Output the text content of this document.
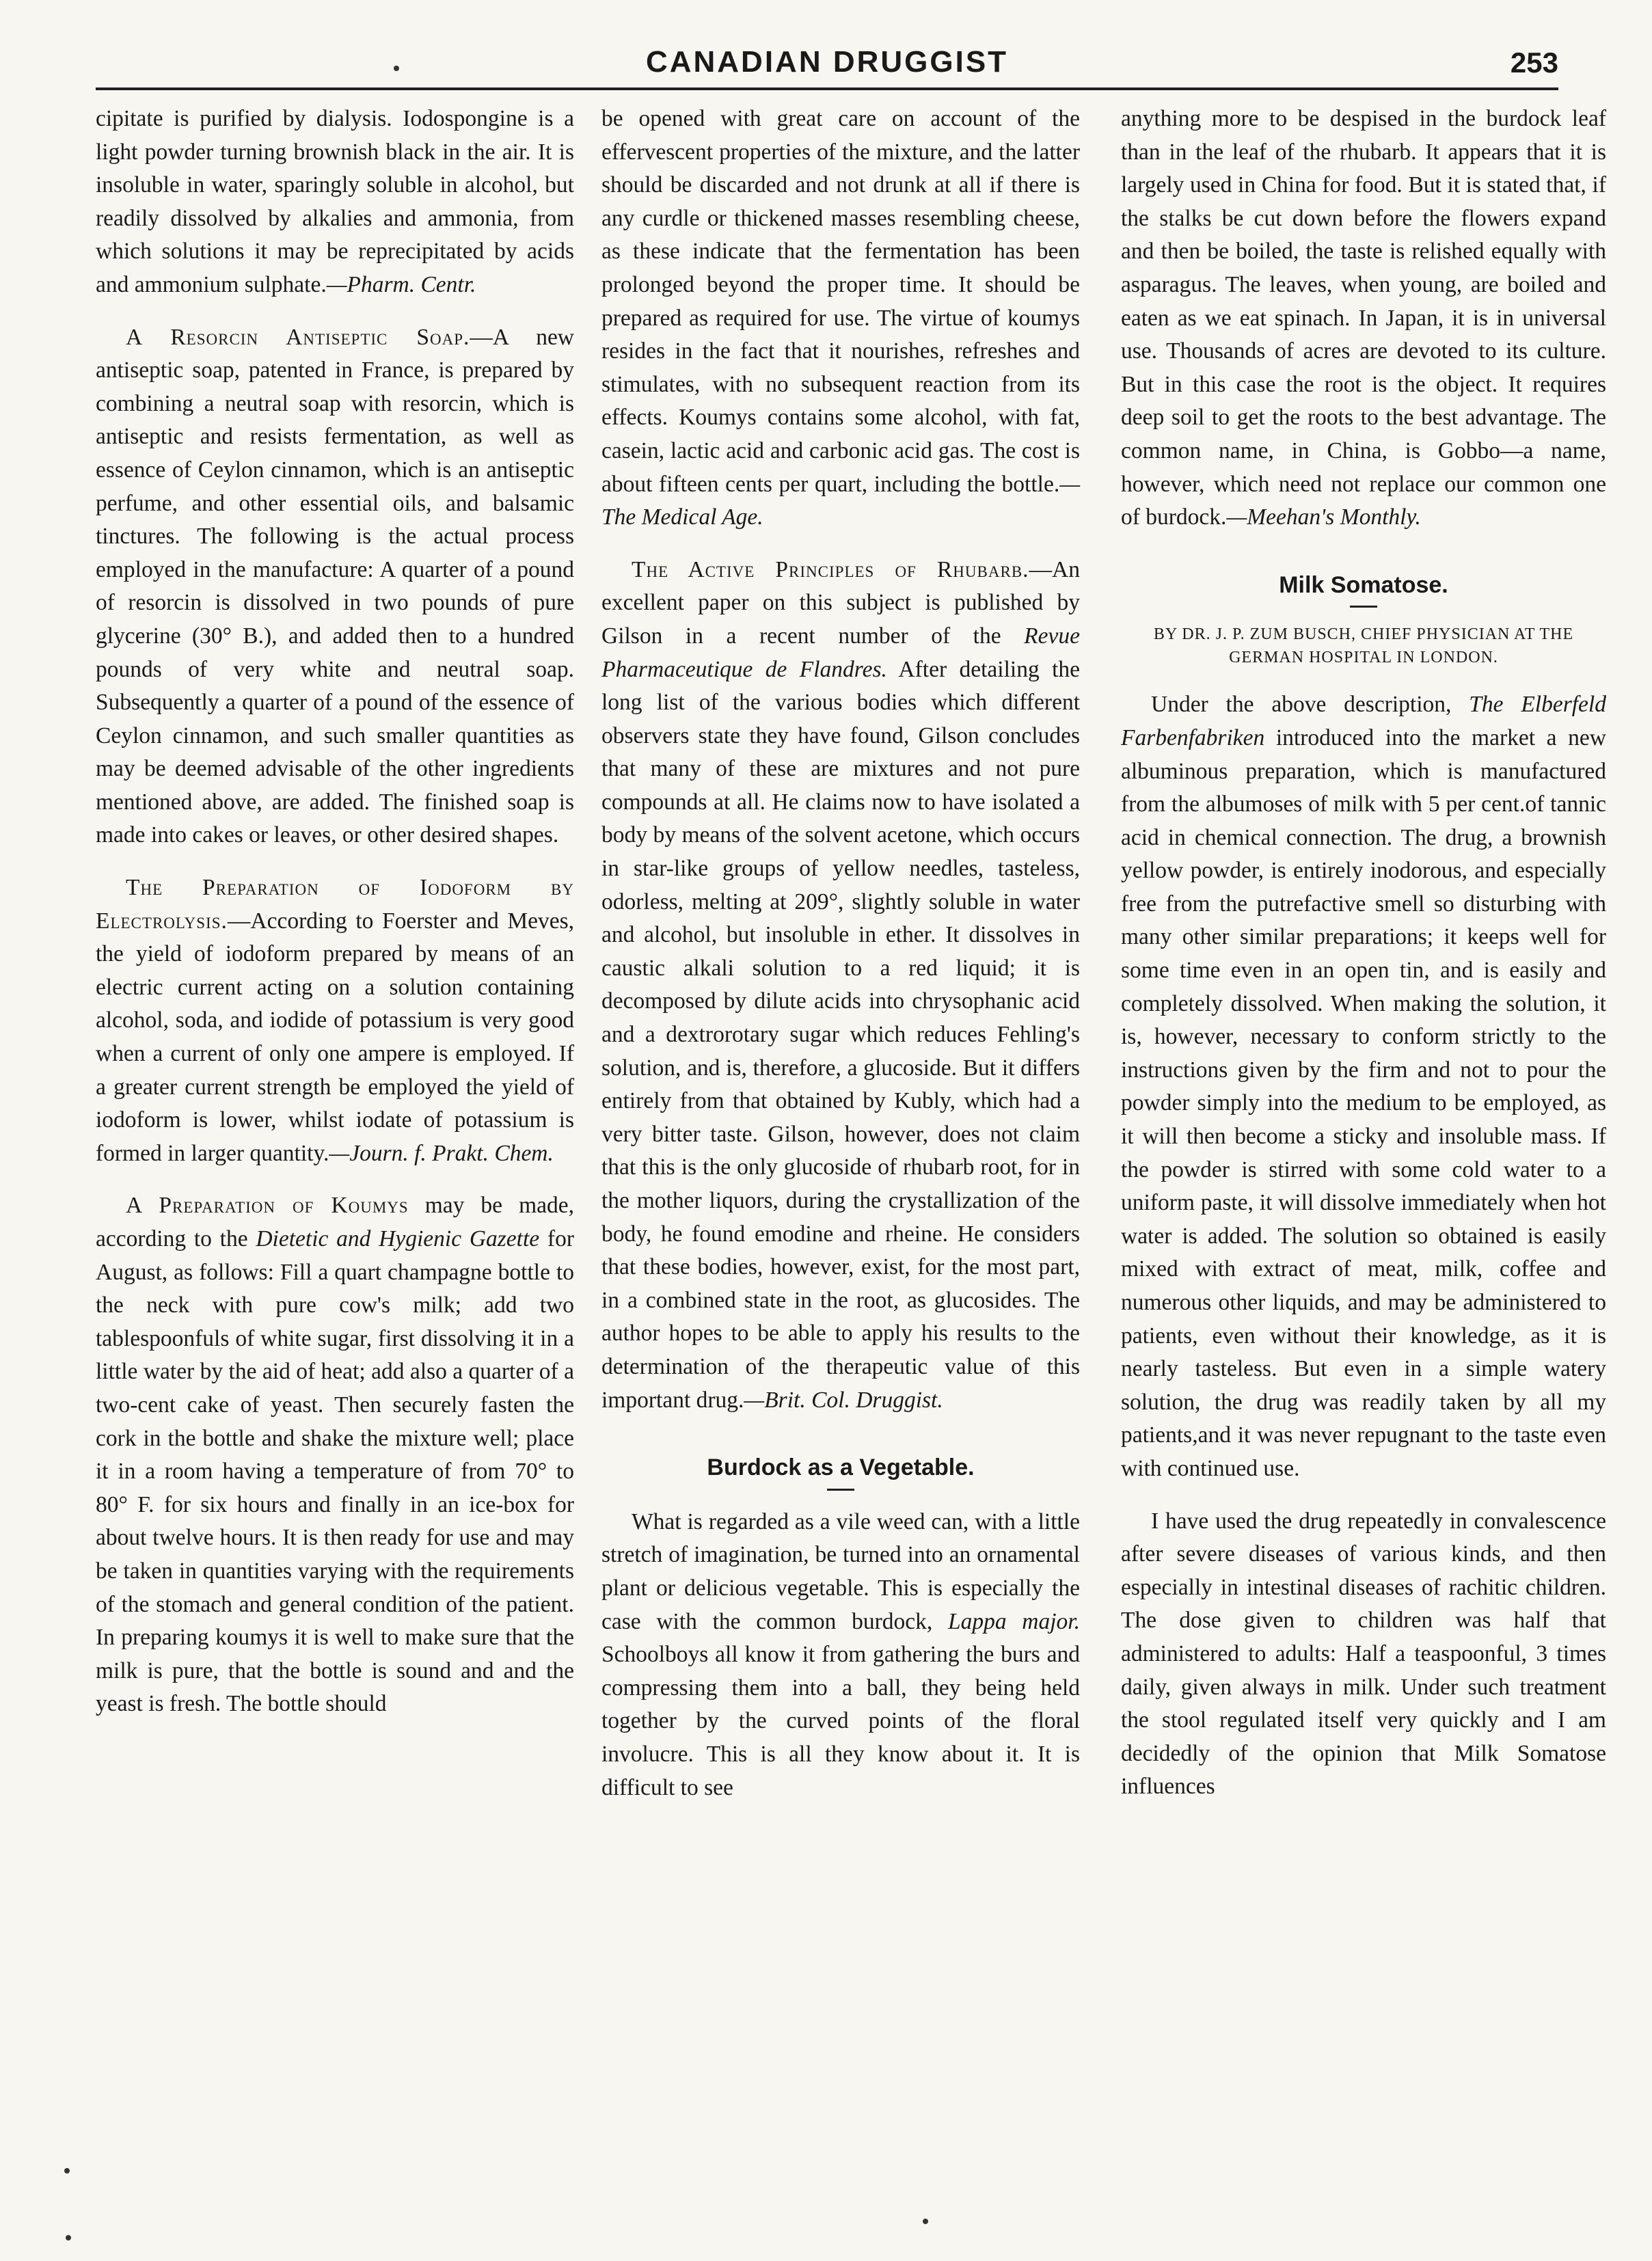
CANADIAN DRUGGIST	253

cipitate is purified by dialysis. Iodospongine is a light powder turning brownish black in the air. It is insoluble in water, sparingly soluble in alcohol, but readily dissolved by alkalies and ammonia, from which solutions it may be reprecipitated by acids and ammonium sulphate.—Pharm. Centr.

A Resorcin Antiseptic Soap.—A new antiseptic soap, patented in France, is prepared by combining a neutral soap with resorcin, which is antiseptic and resists fermentation, as well as essence of Ceylon cinnamon, which is an antiseptic perfume, and other essential oils, and balsamic tinctures. The following is the actual process employed in the manufacture: A quarter of a pound of resorcin is dissolved in two pounds of pure glycerine (30° B.), and added then to a hundred pounds of very white and neutral soap. Subsequently a quarter of a pound of the essence of Ceylon cinnamon, and such smaller quantities as may be deemed advisable of the other ingredients mentioned above, are added. The finished soap is made into cakes or leaves, or other desired shapes.

The Preparation of Iodoform by Electrolysis.—According to Foerster and Meves, the yield of iodoform prepared by means of an electric current acting on a solution containing alcohol, soda, and iodide of potassium is very good when a current of only one ampere is employed. If a greater current strength be employed the yield of iodoform is lower, whilst iodate of potassium is formed in larger quantity.—Journ. f. Prakt. Chem.

A Preparation of Koumys may be made, according to the Dietetic and Hygienic Gazette for August, as follows: Fill a quart champagne bottle to the neck with pure cow's milk; add two tablespoonfuls of white sugar, first dissolving it in a little water by the aid of heat; add also a quarter of a two-cent cake of yeast. Then securely fasten the cork in the bottle and shake the mixture well; place it in a room having a temperature of from 70° to 80° F. for six hours and finally in an ice-box for about twelve hours. It is then ready for use and may be taken in quantities varying with the requirements of the stomach and general condition of the patient. In preparing koumys it is well to make sure that the milk is pure, that the bottle is sound and and the yeast is fresh. The bottle should

be opened with great care on account of the effervescent properties of the mixture, and the latter should be discarded and not drunk at all if there is any curdle or thickened masses resembling cheese, as these indicate that the fermentation has been prolonged beyond the proper time. It should be prepared as required for use. The virtue of koumys resides in the fact that it nourishes, refreshes and stimulates, with no subsequent reaction from its effects. Koumys contains some alcohol, with fat, casein, lactic acid and carbonic acid gas. The cost is about fifteen cents per quart, including the bottle.—The Medical Age.

The Active Principles of Rhubarb.—An excellent paper on this subject is published by Gilson in a recent number of the Revue Pharmaceutique de Flandres. After detailing the long list of the various bodies which different observers state they have found, Gilson concludes that many of these are mixtures and not pure compounds at all. He claims now to have isolated a body by means of the solvent acetone, which occurs in star-like groups of yellow needles, tasteless, odorless, melting at 209°, slightly soluble in water and alcohol, but insoluble in ether. It dissolves in caustic alkali solution to a red liquid; it is decomposed by dilute acids into chrysophanic acid and a dextrorotary sugar which reduces Fehling's solution, and is, therefore, a glucoside. But it differs entirely from that obtained by Kubly, which had a very bitter taste. Gilson, however, does not claim that this is the only glucoside of rhubarb root, for in the mother liquors, during the crystallization of the body, he found emodine and rheine. He considers that these bodies, however, exist, for the most part, in a combined state in the root, as glucosides. The author hopes to be able to apply his results to the determination of the therapeutic value of this important drug.—Brit. Col. Druggist.

Burdock as a Vegetable.

What is regarded as a vile weed can, with a little stretch of imagination, be turned into an ornamental plant or delicious vegetable. This is especially the case with the common burdock, Lappa major. Schoolboys all know it from gathering the burs and compressing them into a ball, they being held together by the curved points of the floral involucre. This is all they know about it. It is difficult to see

anything more to be despised in the burdock leaf than in the leaf of the rhubarb. It appears that it is largely used in China for food. But it is stated that, if the stalks be cut down before the flowers expand and then be boiled, the taste is relished equally with asparagus. The leaves, when young, are boiled and eaten as we eat spinach. In Japan, it is in universal use. Thousands of acres are devoted to its culture. But in this case the root is the object. It requires deep soil to get the roots to the best advantage. The common name, in China, is Gobbo—a name, however, which need not replace our common one of burdock.—Meehan's Monthly.

Milk Somatose.
BY DR. J. P. ZUM BUSCH, CHIEF PHYSICIAN AT THE GERMAN HOSPITAL IN LONDON.

Under the above description, The Elberfeld Farbenfabriken introduced into the market a new albuminous preparation, which is manufactured from the albumoses of milk with 5 per cent.of tannic acid in chemical connection. The drug, a brownish yellow powder, is entirely inodorous, and especially free from the putrefactive smell so disturbing with many other similar preparations; it keeps well for some time even in an open tin, and is easily and completely dissolved. When making the solution, it is, however, necessary to conform strictly to the instructions given by the firm and not to pour the powder simply into the medium to be employed, as it will then become a sticky and insoluble mass. If the powder is stirred with some cold water to a uniform paste, it will dissolve immediately when hot water is added. The solution so obtained is easily mixed with extract of meat, milk, coffee and numerous other liquids, and may be administered to patients, even without their knowledge, as it is nearly tasteless. But even in a simple watery solution, the drug was readily taken by all my patients,and it was never repugnant to the taste even with continued use.

I have used the drug repeatedly in convalescence after severe diseases of various kinds, and then especially in intestinal diseases of rachitic children. The dose given to children was half that administered to adults: Half a teaspoonful, 3 times daily, given always in milk. Under such treatment the stool regulated itself very quickly and I am decidedly of the opinion that Milk Somatose influences
